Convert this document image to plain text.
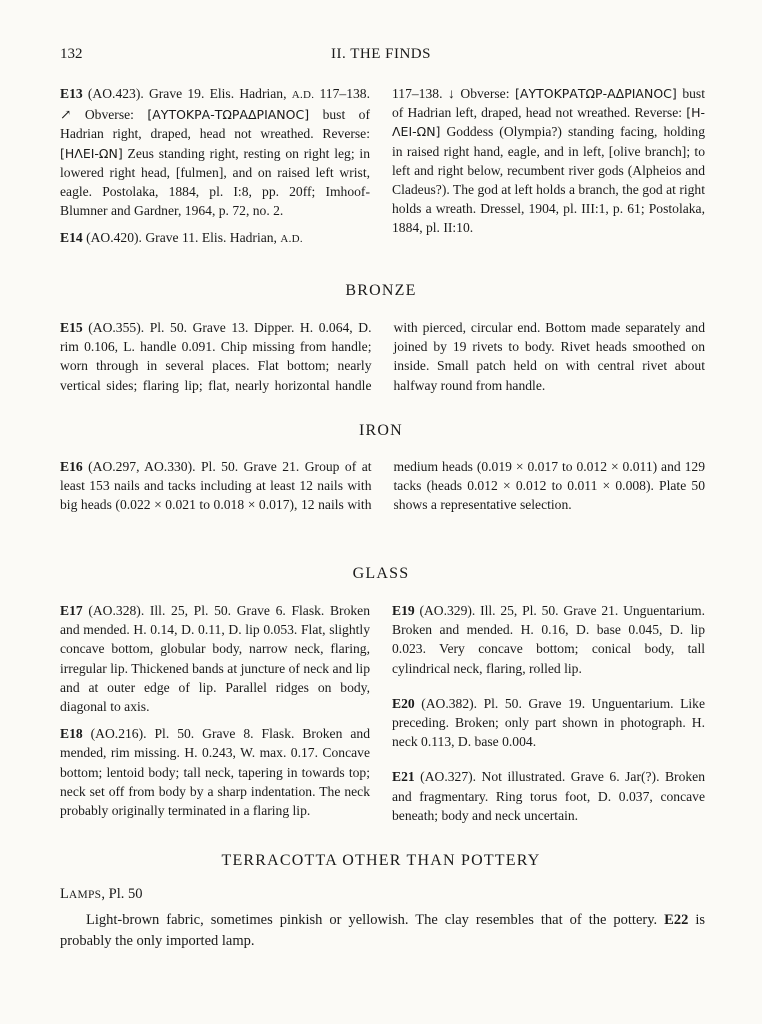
132	II. THE FINDS

E13 (AO.423). Grave 19. Elis. Hadrian, A.D. 117–138. ↗ Obverse: [ΑΥΤΟΚΡΑ-ΤΩΡΑΔΡΙΑΝΟC] bust of Hadrian right, draped, head not wreathed. Reverse: [ΗΛΕΙ-ΩΝ] Zeus standing right, resting on right leg; in lowered right head, [fulmen], and on raised left wrist, eagle. Postolaka, 1884, pl. I:8, pp. 20ff; Imhoof-Blumner and Gardner, 1964, p. 72, no. 2.

E14 (AO.420). Grave 11. Elis. Hadrian, A.D.

117–138. ↓ Obverse: [ΑΥΤΟΚΡΑΤΩΡ-ΑΔΡΙΑΝΟC] bust of Hadrian left, draped, head not wreathed. Reverse: [Η-ΛΕΙ-ΩΝ] Goddess (Olympia?) standing facing, holding in raised right hand, eagle, and in left, [olive branch]; to left and right below, recumbent river gods (Alpheios and Cladeus?). The god at left holds a branch, the god at right holds a wreath. Dressel, 1904, pl. III:1, p. 61; Postolaka, 1884, pl. II:10.

BRONZE
E15 (AO.355). Pl. 50. Grave 13. Dipper. H. 0.064, D. rim 0.106, L. handle 0.091. Chip missing from handle; worn through in several places. Flat bottom; nearly vertical sides; flaring lip; flat, nearly horizontal handle with pierced, circular end. Bottom made separately and joined by 19 rivets to body. Rivet heads smoothed on inside. Small patch held on with central rivet about halfway round from handle.
IRON
E16 (AO.297, AO.330). Pl. 50. Grave 21. Group of at least 153 nails and tacks including at least 12 nails with big heads (0.022 × 0.021 to 0.018 × 0.017), 12 nails with medium heads (0.019 × 0.017 to 0.012 × 0.011) and 129 tacks (heads 0.012 × 0.012 to 0.011 × 0.008). Plate 50 shows a representative selection.
GLASS

E17 (AO.328). Ill. 25, Pl. 50. Grave 6. Flask. Broken and mended. H. 0.14, D. 0.11, D. lip 0.053. Flat, slightly concave bottom, globular body, narrow neck, flaring, irregular lip. Thickened bands at juncture of neck and lip and at outer edge of lip. Parallel ridges on body, diagonal to axis.

E18 (AO.216). Pl. 50. Grave 8. Flask. Broken and mended, rim missing. H. 0.243, W. max. 0.17. Concave bottom; lentoid body; tall neck, tapering in towards top; neck set off from body by a sharp indentation. The neck probably originally terminated in a flaring lip.

E19 (AO.329). Ill. 25, Pl. 50. Grave 21. Unguentarium. Broken and mended. H. 0.16, D. base 0.045, D. lip 0.023. Very concave bottom; conical body, tall cylindrical neck, flaring, rolled lip.

E20 (AO.382). Pl. 50. Grave 19. Unguentarium. Like preceding. Broken; only part shown in photograph. H. neck 0.113, D. base 0.004.

E21 (AO.327). Not illustrated. Grave 6. Jar(?). Broken and fragmentary. Ring torus foot, D. 0.037, concave beneath; body and neck uncertain.

TERRACOTTA OTHER THAN POTTERY
LAMPS, Pl. 50

Light-brown fabric, sometimes pinkish or yellowish. The clay resembles that of the pottery. E22 is probably the only imported lamp.
